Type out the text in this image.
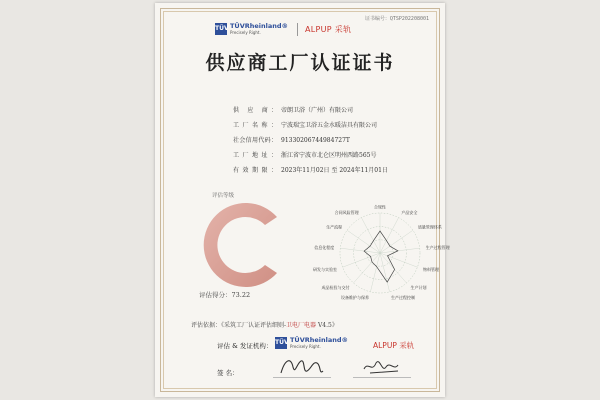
证书编号：QTSP202208001
TÜV TÜVRheinland®
Precisely Right.	ALPUP 采轨
供应商工厂认证证书
供 应 商： 帝朗卫浴（广州）有限公司
工厂名称： 宁波瑞宝卫浴五金水暖洁具有限公司
社会信用代码： 91330206744984727T
工厂地址： 浙江省宁波市北仑区明州西路565号
有效期限： 2023年11月02日 至 2024年11月01日
评估等级
评估得分：73.22
合规性
产品安全
质量管理体系
生产过程管理
物料管理
生产计划
生产过程控制
设备维护与保养
成品检验与交付
研发与实验室
信息化程度
生产流程
合同风险管理
评估依据：《采筑工厂认证评估细则-卫电厂电器 V4.5》
评估 & 发证机构： TÜV TÜVRheinland®
Precisely Right.	ALPUP 采轨
签 名：
